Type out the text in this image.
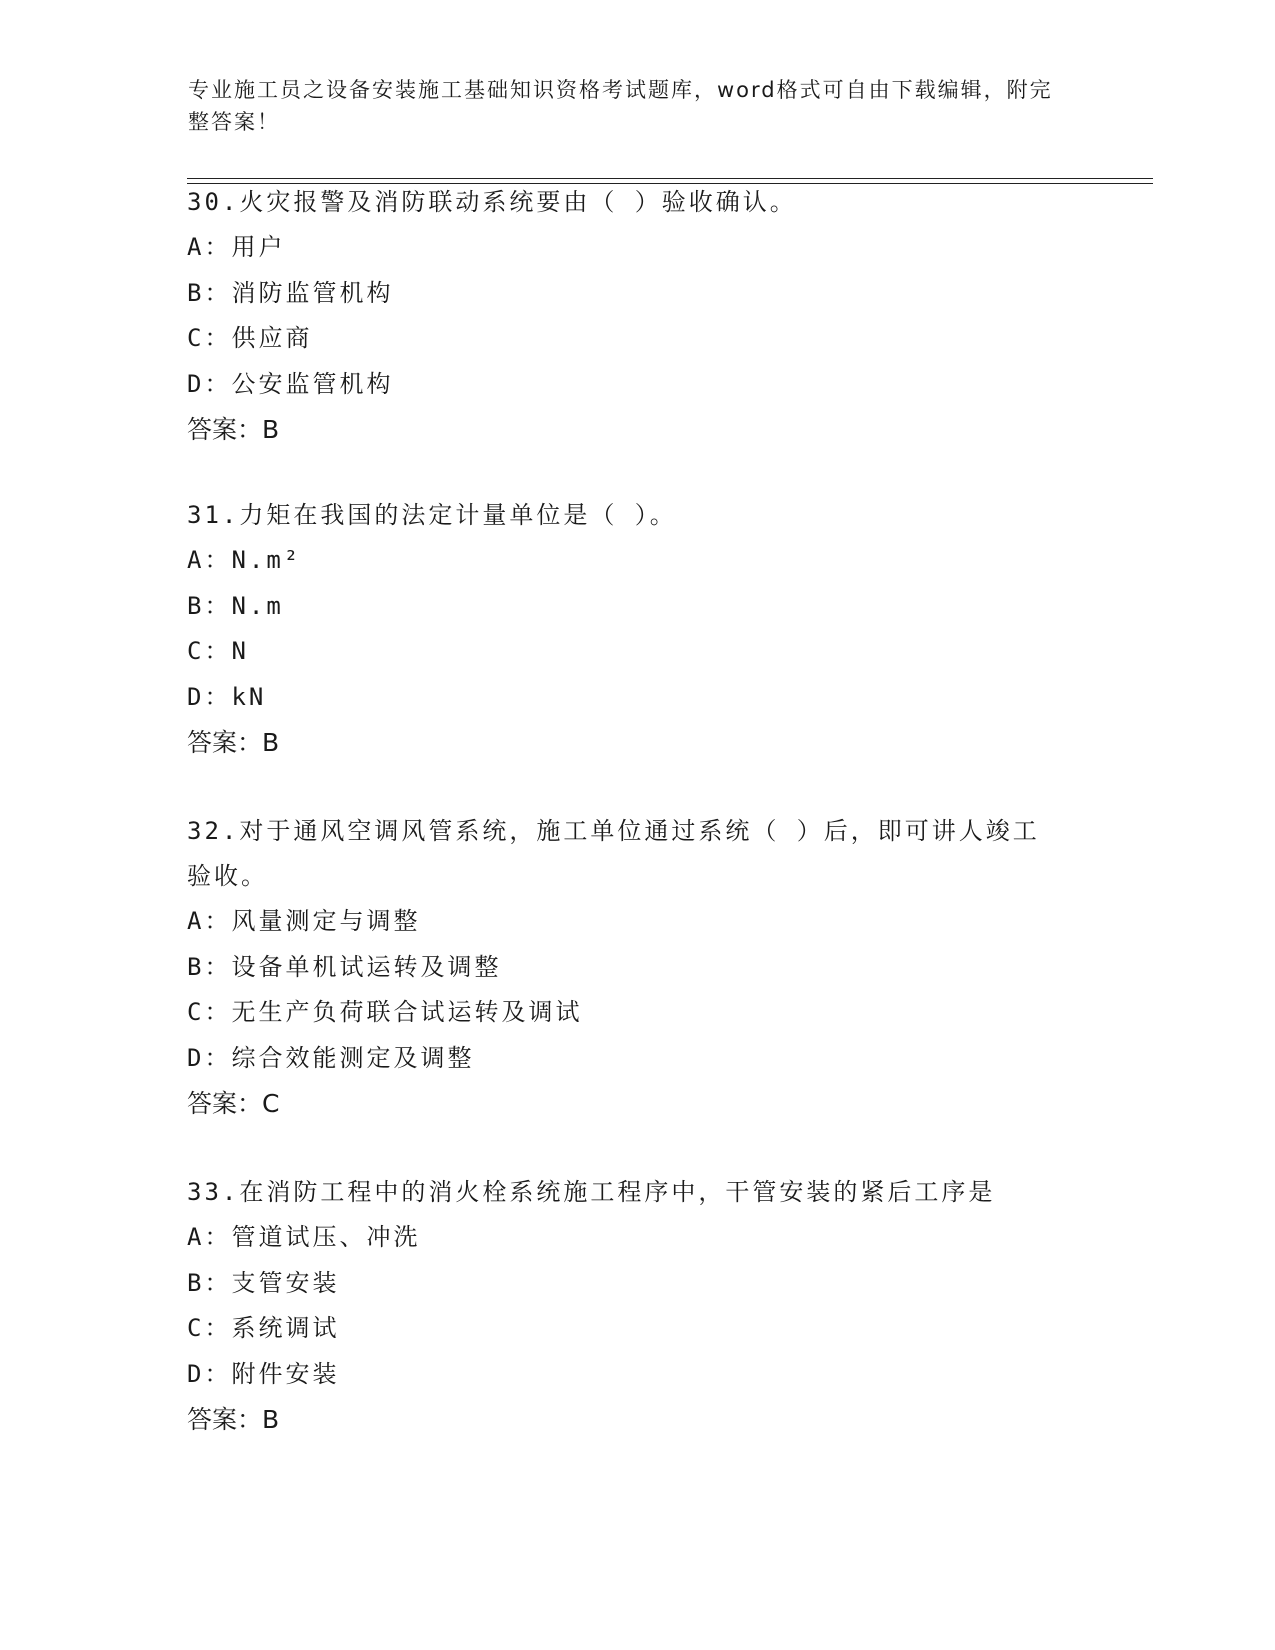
专业施工员之设备安装施工基础知识资格考试题库，word格式可自由下载编辑，附完整答案！

30.火灾报警及消防联动系统要由（ ）验收确认。

A：用户

B：消防监管机构

C：供应商

D：公安监管机构

答案：B

31.力矩在我国的法定计量单位是（ ）。

A：N.m²

B：N.m

C：N

D：kN

答案：B

32.对于通风空调风管系统，施工单位通过系统（ ）后，即可讲人竣工验收。

A：风量测定与调整

B：设备单机试运转及调整

C：无生产负荷联合试运转及调试

D：综合效能测定及调整

答案：C

33.在消防工程中的消火栓系统施工程序中，干管安装的紧后工序是

A：管道试压、冲洗

B：支管安装

C：系统调试

D：附件安装

答案：B
